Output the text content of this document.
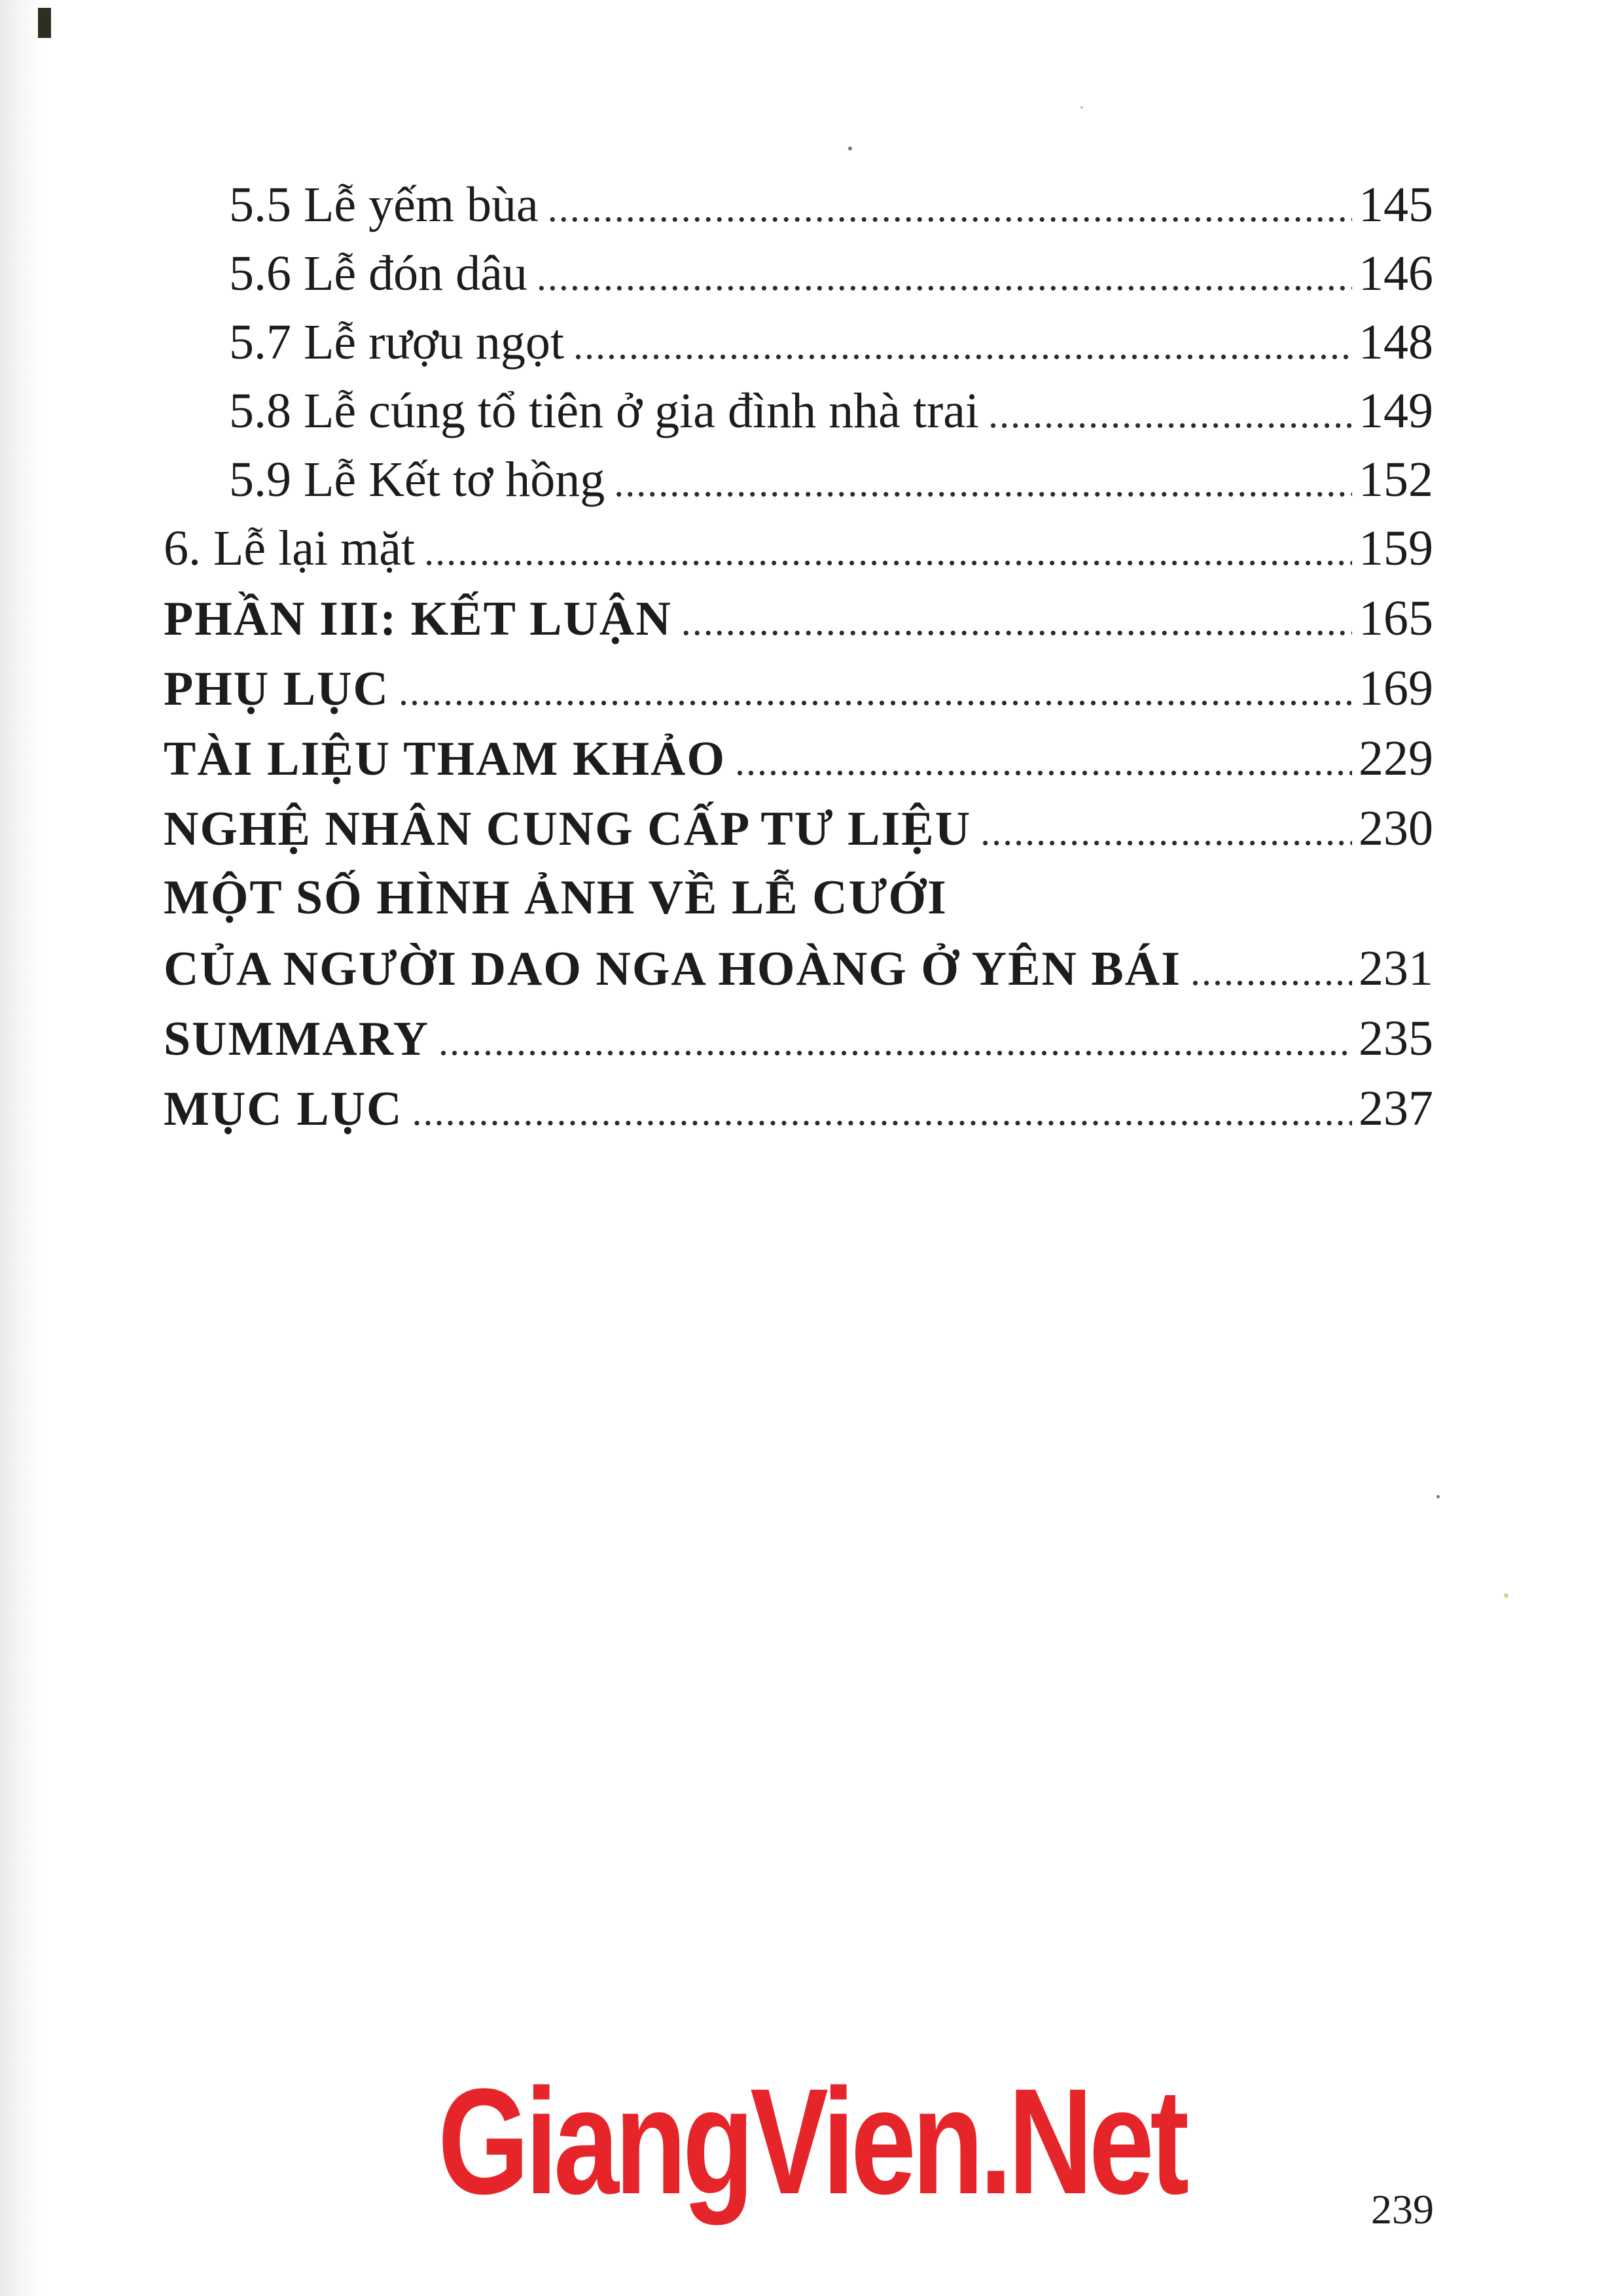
5.5 Lễ yếm bùa .....	145
5.6 Lễ đón dâu .....	146
5.7 Lễ rượu ngọt .....	148
5.8 Lễ cúng tổ tiên ở gia đình nhà trai .....	149
5.9 Lễ Kết tơ hồng .....	152
6. Lễ lại mặt .....	159
PHẦN III: KẾT LUẬN .....	165
PHỤ LỤC .....	169
TÀI LIỆU THAM KHẢO .....	229
NGHỆ NHÂN CUNG CẤP TƯ LIỆU .....	230
MỘT SỐ HÌNH ẢNH VỀ LỄ CƯỚI
CỦA NGƯỜI DAO NGA HOÀNG Ở YÊN BÁI .....	231
SUMMARY .....	235
MỤC LỤC .....	237
GiangVien.Net	239
